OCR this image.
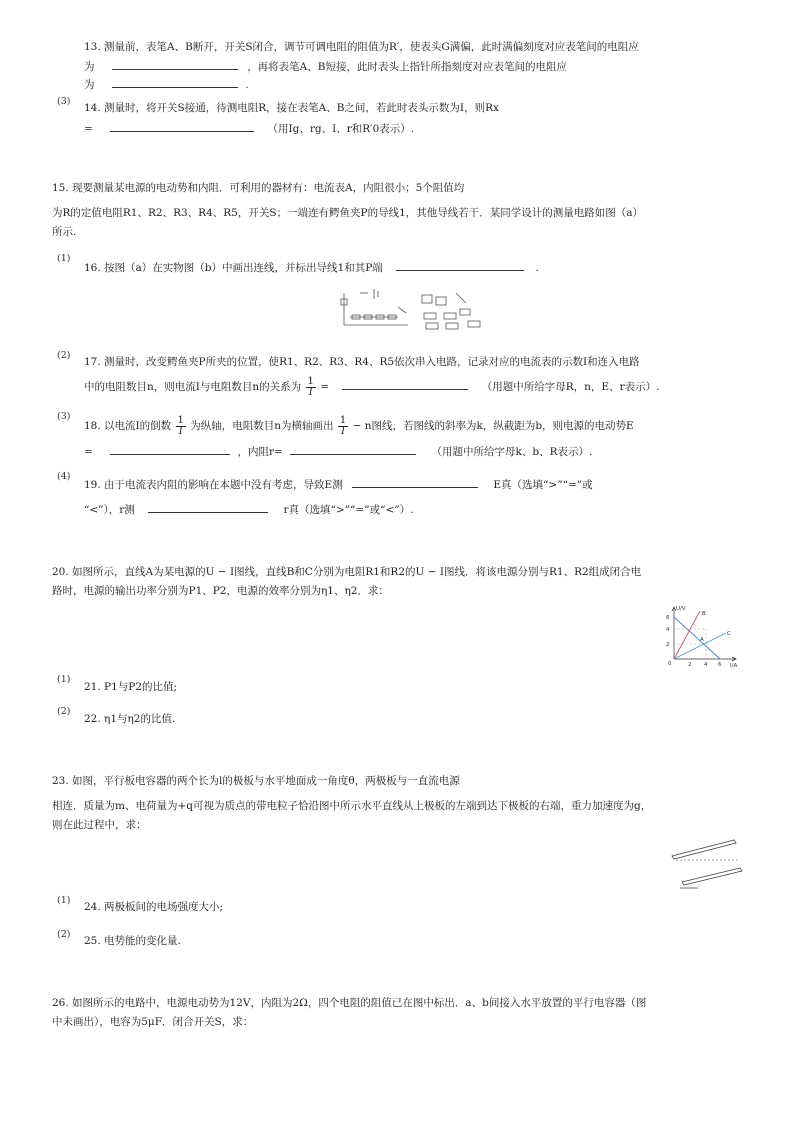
13. 测量前，表笔A、B断开，开关S闭合，调节可调电阻的阻值为R′，使表头G满偏，此时满偏刻度对应表笔间的电阻应
为	，再将表笔A、B短接，此时表头上指针所指刻度对应表笔间的电阻应
为	.
(3)
14. 测量时，将开关S接通，待测电阻R，接在表笔A、B之间，若此时表头示数为I，则Rx
=	（用Ig、rg、I、r和R′0表示）.
15. 现要测量某电源的电动势和内阻．可利用的器材有：电流表A，内阻很小；5个阻值均
为R的定值电阻R1、R2、R3、R4、R5，开关S；一端连有鳄鱼夹P的导线1，其他导线若干．某同学设计的测量电路如图（a）
所示.
(1)
16. 按图（a）在实物图（b）中画出连线，并标出导线1和其P端	.
(2)
17. 测量时，改变鳄鱼夹P所夹的位置，使R1、R2、R3、R4、R5依次串入电路，记录对应的电流表的示数I和连入电路
中的电阻数目n，则电流I与电阻数目n的关系为 $\frac{1}{I}$ =	（用题中所给字母R，n，E、r表示）.
(3)
18. 以电流I的倒数 $\frac{1}{I}$ 为纵轴，电阻数目n为横轴画出 $\frac{1}{I} - n$图线，若图线的斜率为k，纵截距为b，则电源的电动势E
=	，内阻r=	（用题中所给字母k、b、R表示）.
(4)
19. 由于电流表内阻的影响在本题中没有考虑，导致E测	E真（选填“>”“=”或
“<”），r测	r真（选填“>”“=”或“<”）.
20. 如图所示，直线A为某电源的U − I图线，直线B和C分别为电阻R1和R2的U − I图线．将该电源分别与R1、R2组成闭合电
路时，电源的输出功率分别为P1、P2，电源的效率分别为η1、η2．求：
U/V
I/A
6
4
2
0	2 4 6
A
B
C
(1)
21. P1与P2的比值;
(2)
22. η1与η2的比值.
23. 如图，平行板电容器的两个长为l的极板与水平地面成一角度θ，两极板与一直流电源
相连．质量为m、电荷量为+q可视为质点的带电粒子恰沿图中所示水平直线从上极板的左端到达下极板的右端，重力加速度为g，
则在此过程中，求：
(1)
24. 两极板间的电场强度大小;
(2)
25. 电势能的变化量.
26. 如图所示的电路中，电源电动势为12V，内阻为2Ω，四个电阻的阻值已在图中标出．a、b间接入水平放置的平行电容器（图
中未画出），电容为5μF．闭合开关S，求：
